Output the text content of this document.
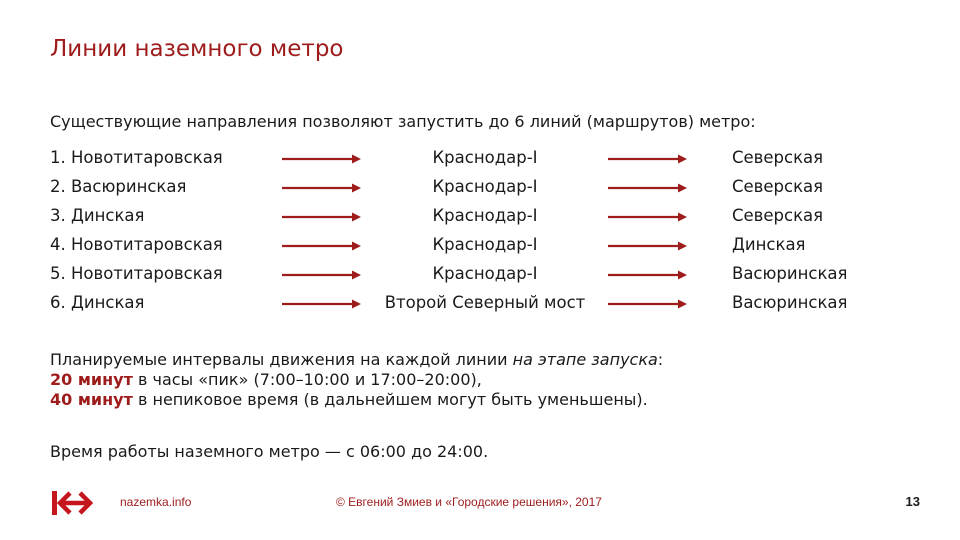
Линии наземного метро
Существующие направления позволяют запустить до 6 линий (маршрутов) метро:
1. Новотитаровская	Краснодар-I	Северская
2. Васюринская	Краснодар-I	Северская
3. Динская	Краснодар-I	Северская
4. Новотитаровская	Краснодар-I	Динская
5. Новотитаровская	Краснодар-I	Васюринская
6. Динская	Второй Северный мост	Васюринская
Планируемые интервалы движения на каждой линии на этапе запуска:
20 минут в часы «пик» (7:00–10:00 и 17:00–20:00),
40 минут в непиковое время (в дальнейшем могут быть уменьшены).
Время работы наземного метро — с 06:00 до 24:00.
nazemka.info	© Евгений Змиев и «Городские решения», 2017	13
